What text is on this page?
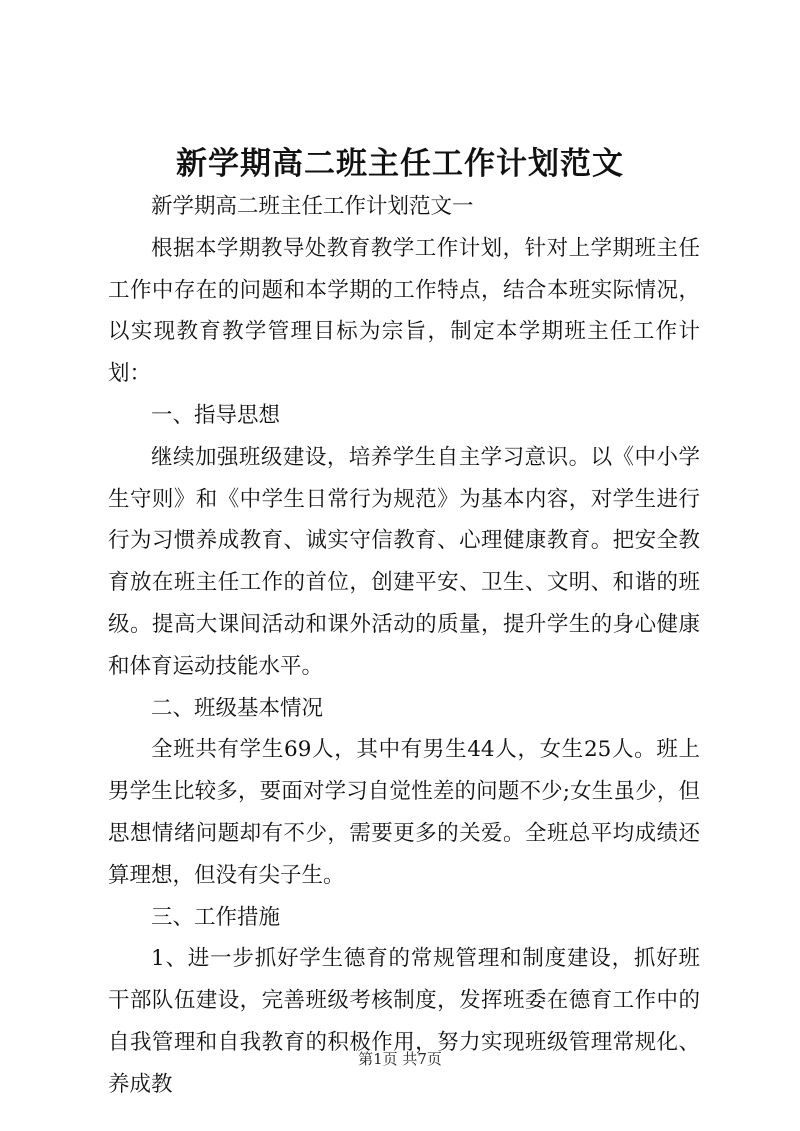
新学期高二班主任工作计划范文

新学期高二班主任工作计划范文一

根据本学期教导处教育教学工作计划，针对上学期班主任工作中存在的问题和本学期的工作特点，结合本班实际情况，以实现教育教学管理目标为宗旨，制定本学期班主任工作计划：

一、指导思想

继续加强班级建设，培养学生自主学习意识。以《中小学生守则》和《中学生日常行为规范》为基本内容，对学生进行行为习惯养成教育、诚实守信教育、心理健康教育。把安全教育放在班主任工作的首位，创建平安、卫生、文明、和谐的班级。提高大课间活动和课外活动的质量，提升学生的身心健康和体育运动技能水平。

二、班级基本情况

全班共有学生69人，其中有男生44人，女生25人。班上男学生比较多，要面对学习自觉性差的问题不少;女生虽少，但思想情绪问题却有不少，需要更多的关爱。全班总平均成绩还算理想，但没有尖子生。

三、工作措施

1、进一步抓好学生德育的常规管理和制度建设，抓好班干部队伍建设，完善班级考核制度，发挥班委在德育工作中的自我管理和自我教育的积极作用，努力实现班级管理常规化、养成教

第1页 共7页
